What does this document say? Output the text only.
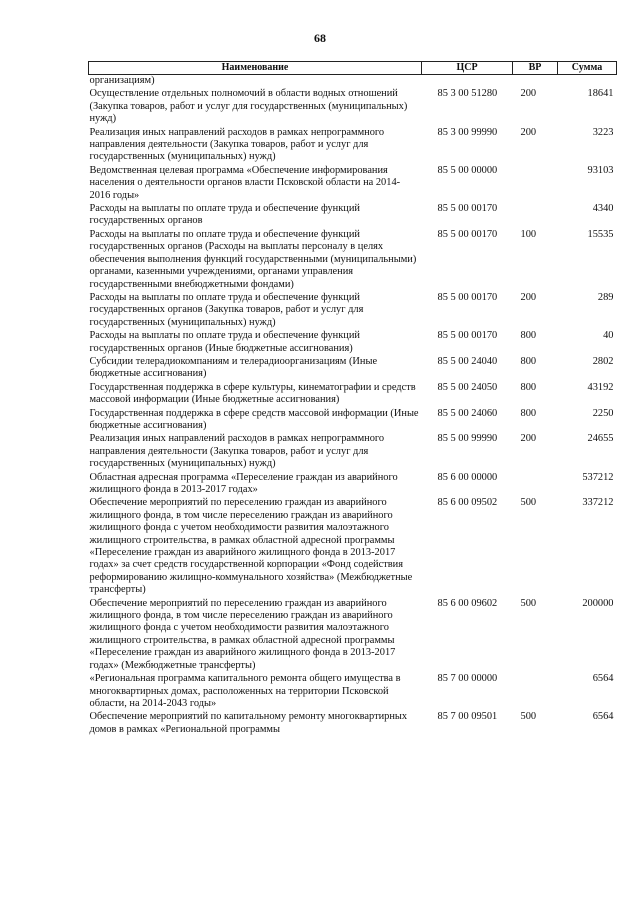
68
Наименование	ЦСР	ВР	Сумма
организациям)			
Осуществление отдельных полномочий в области водных отношений (Закупка товаров, работ и услуг для государственных (муниципальных) нужд)	85 3 00 51280	200	18641
Реализация иных направлений расходов в рамках непрограммного направления деятельности (Закупка товаров, работ и услуг для государственных (муниципальных) нужд)	85 3 00 99990	200	3223
Ведомственная целевая программа «Обеспечение информирования населения о деятельности органов власти Псковской области на 2014-2016 годы»	85 5 00 00000		93103
Расходы на выплаты по оплате труда и обеспечение функций государственных органов	85 5 00 00170		4340
Расходы на выплаты по оплате труда и обеспечение функций государственных органов (Расходы на выплаты персоналу в целях обеспечения выполнения функций государственными (муниципальными) органами, казенными учреждениями, органами управления государственными внебюджетными фондами)	85 5 00 00170	100	15535
Расходы на выплаты по оплате труда и обеспечение функций государственных органов (Закупка товаров, работ и услуг для государственных (муниципальных) нужд)	85 5 00 00170	200	289
Расходы на выплаты по оплате труда и обеспечение функций государственных органов (Иные бюджетные ассигнования)	85 5 00 00170	800	40
Субсидии телерадиокомпаниям и телерадиоорганизациям (Иные бюджетные ассигнования)	85 5 00 24040	800	2802
Государственная поддержка в сфере культуры, кинематографии и средств массовой информации (Иные бюджетные ассигнования)	85 5 00 24050	800	43192
Государственная поддержка в сфере средств массовой информации (Иные бюджетные ассигнования)	85 5 00 24060	800	2250
Реализация иных направлений расходов в рамках непрограммного направления деятельности (Закупка товаров, работ и услуг для государственных (муниципальных) нужд)	85 5 00 99990	200	24655
Областная адресная программа «Переселение граждан из аварийного жилищного фонда в 2013-2017 годах»	85 6 00 00000		537212
Обеспечение мероприятий по переселению граждан из аварийного жилищного фонда, в том числе переселению граждан из аварийного жилищного фонда с учетом необходимости развития малоэтажного жилищного строительства, в рамках областной адресной программы «Переселение граждан из аварийного жилищного фонда в 2013-2017 годах» за счет средств государственной корпорации «Фонд содействия реформированию жилищно-коммунального хозяйства» (Межбюджетные трансферты)	85 6 00 09502	500	337212
Обеспечение мероприятий по переселению граждан из аварийного жилищного фонда, в том числе переселению граждан из аварийного жилищного фонда с учетом необходимости развития малоэтажного жилищного строительства, в рамках областной адресной программы «Переселение граждан из аварийного жилищного фонда в 2013-2017 годах» (Межбюджетные трансферты)	85 6 00 09602	500	200000
«Региональная программа капитального ремонта общего имущества в многоквартирных домах, расположенных на территории Псковской области, на 2014-2043 годы»	85 7 00 00000		6564
Обеспечение мероприятий по капитальному ремонту многоквартирных домов в рамках «Региональной программы	85 7 00 09501	500	6564
